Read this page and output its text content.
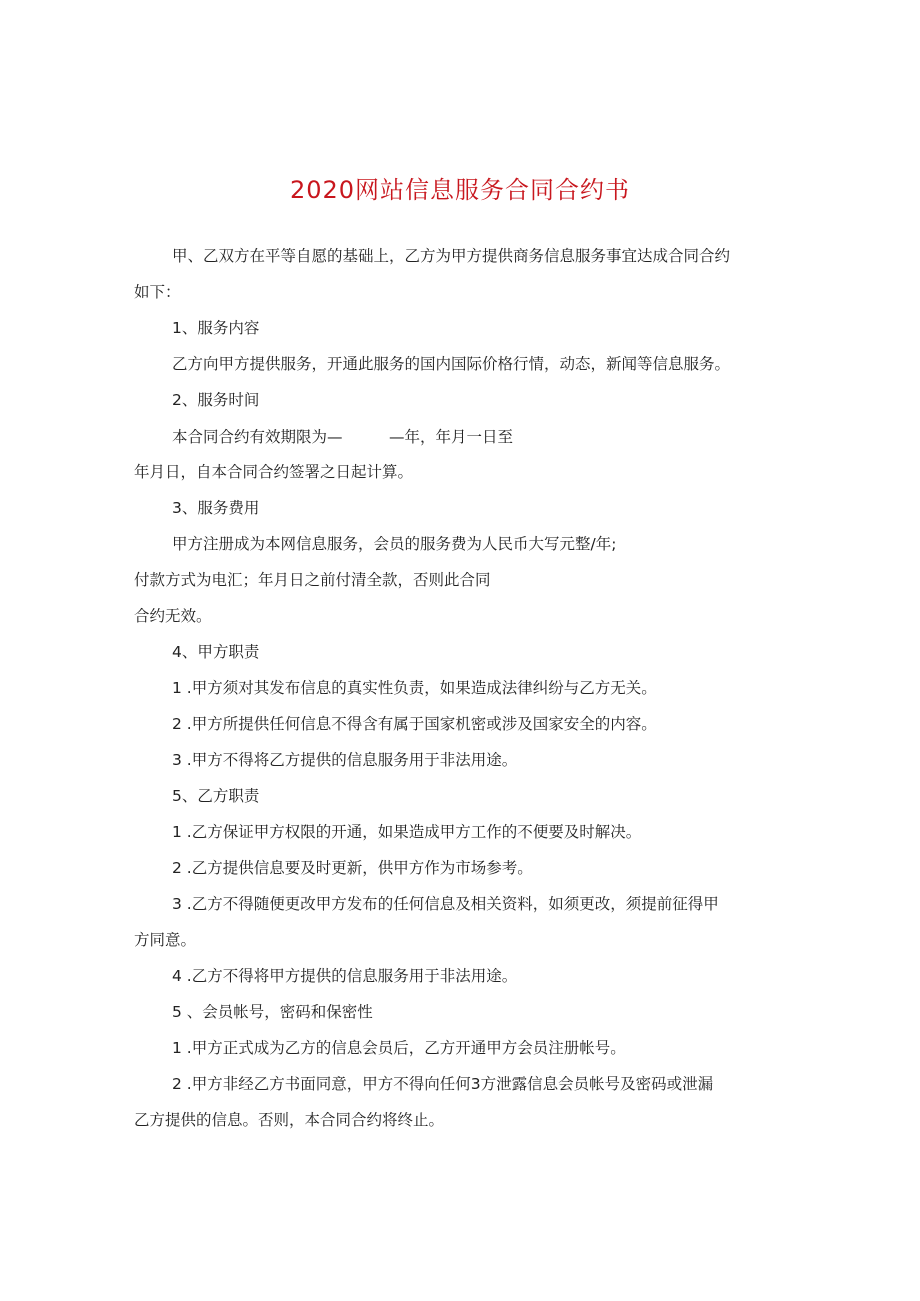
2020网站信息服务合同合约书
甲、乙双方在平等自愿的基础上，乙方为甲方提供商务信息服务事宜达成合同合约
如下：
1、服务内容
乙方向甲方提供服务，开通此服务的国内国际价格行情，动态，新闻等信息服务。
2、服务时间
本合同合约有效期限为—　　　—年，年月一日至
年月日，自本合同合约签署之日起计算。
3、服务费用
甲方注册成为本网信息服务，会员的服务费为人民币大写元整/年;
付款方式为电汇；年月日之前付清全款，否则此合同
合约无效。
4、甲方职责
1 .甲方须对其发布信息的真实性负责，如果造成法律纠纷与乙方无关。
2 .甲方所提供任何信息不得含有属于国家机密或涉及国家安全的内容。
3 .甲方不得将乙方提供的信息服务用于非法用途。
5、乙方职责
1 .乙方保证甲方权限的开通，如果造成甲方工作的不便要及时解决。
2 .乙方提供信息要及时更新，供甲方作为市场参考。
3 .乙方不得随便更改甲方发布的任何信息及相关资料，如须更改，须提前征得甲
方同意。
4 .乙方不得将甲方提供的信息服务用于非法用途。
5 、会员帐号，密码和保密性
1 .甲方正式成为乙方的信息会员后，乙方开通甲方会员注册帐号。
2 .甲方非经乙方书面同意，甲方不得向任何3方泄露信息会员帐号及密码或泄漏
乙方提供的信息。否则，本合同合约将终止。
